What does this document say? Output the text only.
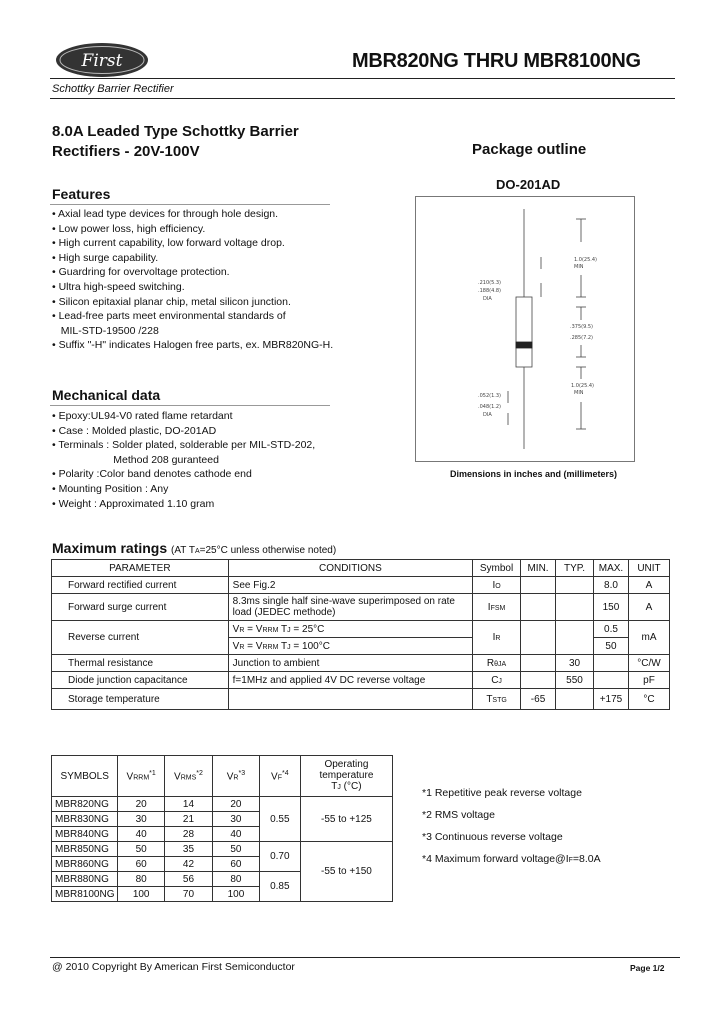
First	MBR820NG THRU MBR8100NG
Schottky Barrier Rectifier
8.0A Leaded Type Schottky Barrier
Rectifiers - 20V-100V	Package outline
DO-201AD
Features
• Axial lead type devices for through hole design.
• Low power loss, high efficiency.
• High current capability, low forward voltage drop.
• High surge capability.
• Guardring for overvoltage protection.
• Ultra high-speed switching.
• Silicon epitaxial planar chip, metal silicon junction.
• Lead-free parts meet environmental standards of
MIL-STD-19500 /228
• Suffix "-H" indicates Halogen free parts, ex. MBR820NG-H.
Mechanical data
• Epoxy:UL94-V0 rated flame retardant
• Case : Molded plastic, DO-201AD
• Terminals : Solder plated, solderable per MIL-STD-202,
Method 208 guranteed
• Polarity :Color band denotes cathode end
• Mounting Position : Any
• Weight : Approximated 1.10 gram
1.0(25.4)
MIN
.210(5.3)
.188(4.8)
DIA
.375(9.5)
.285(7.2)
1.0(25.4)
MIN
.052(1.3)
.048(1.2)
DIA
Dimensions in inches and (millimeters)
Maximum ratings (AT TA=25°C unless otherwise noted)
PARAMETER	CONDITIONS	Symbol	MIN.	TYP.	MAX.	UNIT
Forward rectified current	See Fig.2	IO			8.0	A
Forward surge current	8.3ms single half sine-wave superimposed on rate load (JEDEC methode)	IFSM			150	A
Reverse current	VR = VRRM TJ = 25°C	IR			0.5	mA
	VR = VRRM TJ = 100°C				50	
Thermal resistance	Junction to ambient	RθJA		30		°C/W
Diode junction capacitance	f=1MHz and applied 4V DC reverse voltage	CJ		550		pF
Storage temperature		TSTG	-65		+175	°C
SYMBOLS	VRRM$^{*1}$	VRMS$^{*2}$	VR$^{*3}$	VF$^{*4}$	Operating
temperature
TJ (°C)

MBR820NG	20	14	20	0.55	-55 to +125
MBR830NG	30	21	30		
MBR840NG	40	28	40		
MBR850NG	50	35	50	0.70	-55 to +150
MBR860NG	60	42	60		
MBR880NG	80	56	80	0.85	
MBR8100NG	100	70	100		
*1 Repetitive peak reverse voltage
*2 RMS voltage
*3 Continuous reverse voltage
*4 Maximum forward voltage@IF=8.0A
@ 2010 Copyright By American First Semiconductor	Page 1/2
